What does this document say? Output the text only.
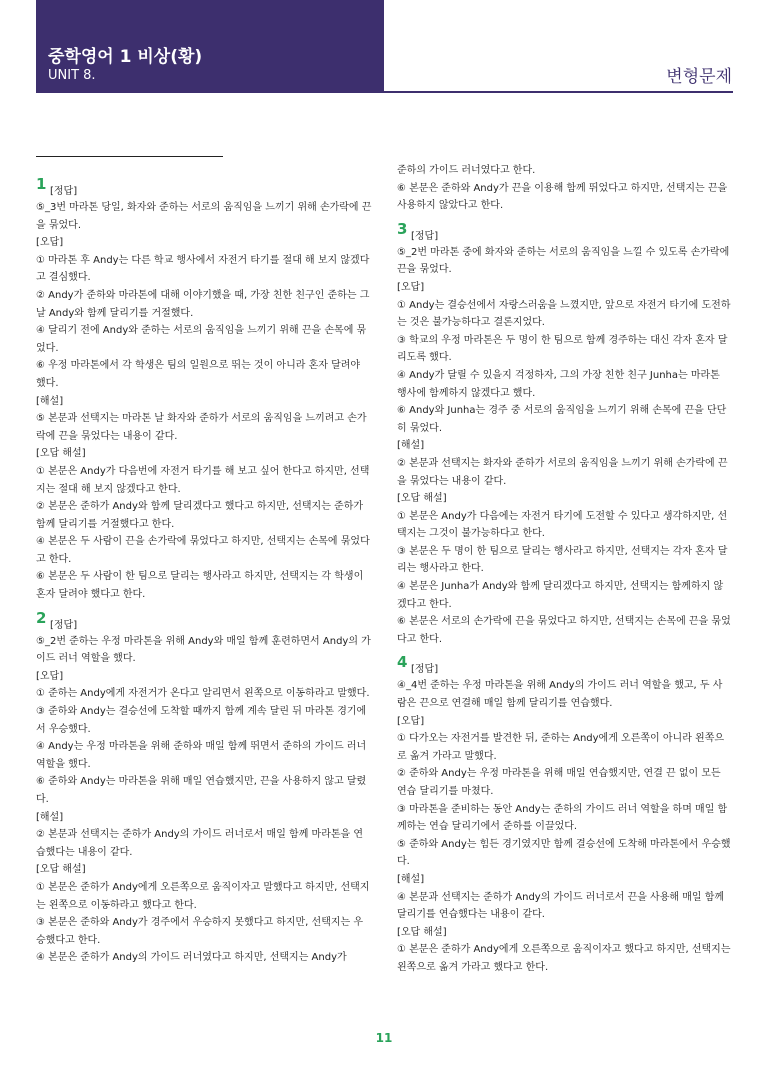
중학영어 1 비상(황)
UNIT 8.	변형문제
1 [정답]

⑤_3번 마라톤 당일, 화자와 준하는 서로의 움직임을 느끼기 위해 손가락에 끈을 묶었다.

[오답]

① 마라톤 후 Andy는 다른 학교 행사에서 자전거 타기를 절대 해 보지 않겠다고 결심했다.

② Andy가 준하와 마라톤에 대해 이야기했을 때, 가장 친한 친구인 준하는 그날 Andy와 함께 달리기를 거절했다.

④ 달리기 전에 Andy와 준하는 서로의 움직임을 느끼기 위해 끈을 손목에 묶었다.

⑥ 우정 마라톤에서 각 학생은 팀의 일원으로 뛰는 것이 아니라 혼자 달려야 했다.

[해설]

⑤ 본문과 선택지는 마라톤 날 화자와 준하가 서로의 움직임을 느끼려고 손가락에 끈을 묶었다는 내용이 같다.

[오답 해설]

① 본문은 Andy가 다음번에 자전거 타기를 해 보고 싶어 한다고 하지만, 선택지는 절대 해 보지 않겠다고 한다.

② 본문은 준하가 Andy와 함께 달리겠다고 했다고 하지만, 선택지는 준하가 함께 달리기를 거절했다고 한다.

④ 본문은 두 사람이 끈을 손가락에 묶었다고 하지만, 선택지는 손목에 묶었다고 한다.

⑥ 본문은 두 사람이 한 팀으로 달리는 행사라고 하지만, 선택지는 각 학생이 혼자 달려야 했다고 한다.

2 [정답]

⑤_2번 준하는 우정 마라톤을 위해 Andy와 매일 함께 훈련하면서 Andy의 가이드 러너 역할을 했다.

[오답]

① 준하는 Andy에게 자전거가 온다고 알리면서 왼쪽으로 이동하라고 말했다.

③ 준하와 Andy는 결승선에 도착할 때까지 함께 계속 달린 뒤 마라톤 경기에서 우승했다.

④ Andy는 우정 마라톤을 위해 준하와 매일 함께 뛰면서 준하의 가이드 러너 역할을 했다.

⑥ 준하와 Andy는 마라톤을 위해 매일 연습했지만, 끈을 사용하지 않고 달렸다.

[해설]

② 본문과 선택지는 준하가 Andy의 가이드 러너로서 매일 함께 마라톤을 연습했다는 내용이 같다.

[오답 해설]

① 본문은 준하가 Andy에게 오른쪽으로 움직이자고 말했다고 하지만, 선택지는 왼쪽으로 이동하라고 했다고 한다.

③ 본문은 준하와 Andy가 경주에서 우승하지 못했다고 하지만, 선택지는 우승했다고 한다.

④ 본문은 준하가 Andy의 가이드 러너였다고 하지만, 선택지는 Andy가

준하의 가이드 러너였다고 한다.

⑥ 본문은 준하와 Andy가 끈을 이용해 함께 뛰었다고 하지만, 선택지는 끈을 사용하지 않았다고 한다.

3 [정답]

⑤_2번 마라톤 중에 화자와 준하는 서로의 움직임을 느낄 수 있도록 손가락에 끈을 묶었다.

[오답]

① Andy는 결승선에서 자랑스러움을 느꼈지만, 앞으로 자전거 타기에 도전하는 것은 불가능하다고 결론지었다.

③ 학교의 우정 마라톤은 두 명이 한 팀으로 함께 경주하는 대신 각자 혼자 달리도록 했다.

④ Andy가 달릴 수 있을지 걱정하자, 그의 가장 친한 친구 Junha는 마라톤 행사에 함께하지 않겠다고 했다.

⑥ Andy와 Junha는 경주 중 서로의 움직임을 느끼기 위해 손목에 끈을 단단히 묶었다.

[해설]

② 본문과 선택지는 화자와 준하가 서로의 움직임을 느끼기 위해 손가락에 끈을 묶었다는 내용이 같다.

[오답 해설]

① 본문은 Andy가 다음에는 자전거 타기에 도전할 수 있다고 생각하지만, 선택지는 그것이 불가능하다고 한다.

③ 본문은 두 명이 한 팀으로 달리는 행사라고 하지만, 선택지는 각자 혼자 달리는 행사라고 한다.

④ 본문은 Junha가 Andy와 함께 달리겠다고 하지만, 선택지는 함께하지 않겠다고 한다.

⑥ 본문은 서로의 손가락에 끈을 묶었다고 하지만, 선택지는 손목에 끈을 묶었다고 한다.

4 [정답]

④_4번 준하는 우정 마라톤을 위해 Andy의 가이드 러너 역할을 했고, 두 사람은 끈으로 연결해 매일 함께 달리기를 연습했다.

[오답]

① 다가오는 자전거를 발견한 뒤, 준하는 Andy에게 오른쪽이 아니라 왼쪽으로 옮겨 가라고 말했다.

② 준하와 Andy는 우정 마라톤을 위해 매일 연습했지만, 연결 끈 없이 모든 연습 달리기를 마쳤다.

③ 마라톤을 준비하는 동안 Andy는 준하의 가이드 러너 역할을 하며 매일 함께하는 연습 달리기에서 준하를 이끌었다.

⑤ 준하와 Andy는 힘든 경기였지만 함께 결승선에 도착해 마라톤에서 우승했다.

[해설]

④ 본문과 선택지는 준하가 Andy의 가이드 러너로서 끈을 사용해 매일 함께 달리기를 연습했다는 내용이 같다.

[오답 해설]

① 본문은 준하가 Andy에게 오른쪽으로 움직이자고 했다고 하지만, 선택지는 왼쪽으로 옮겨 가라고 했다고 한다.

11
